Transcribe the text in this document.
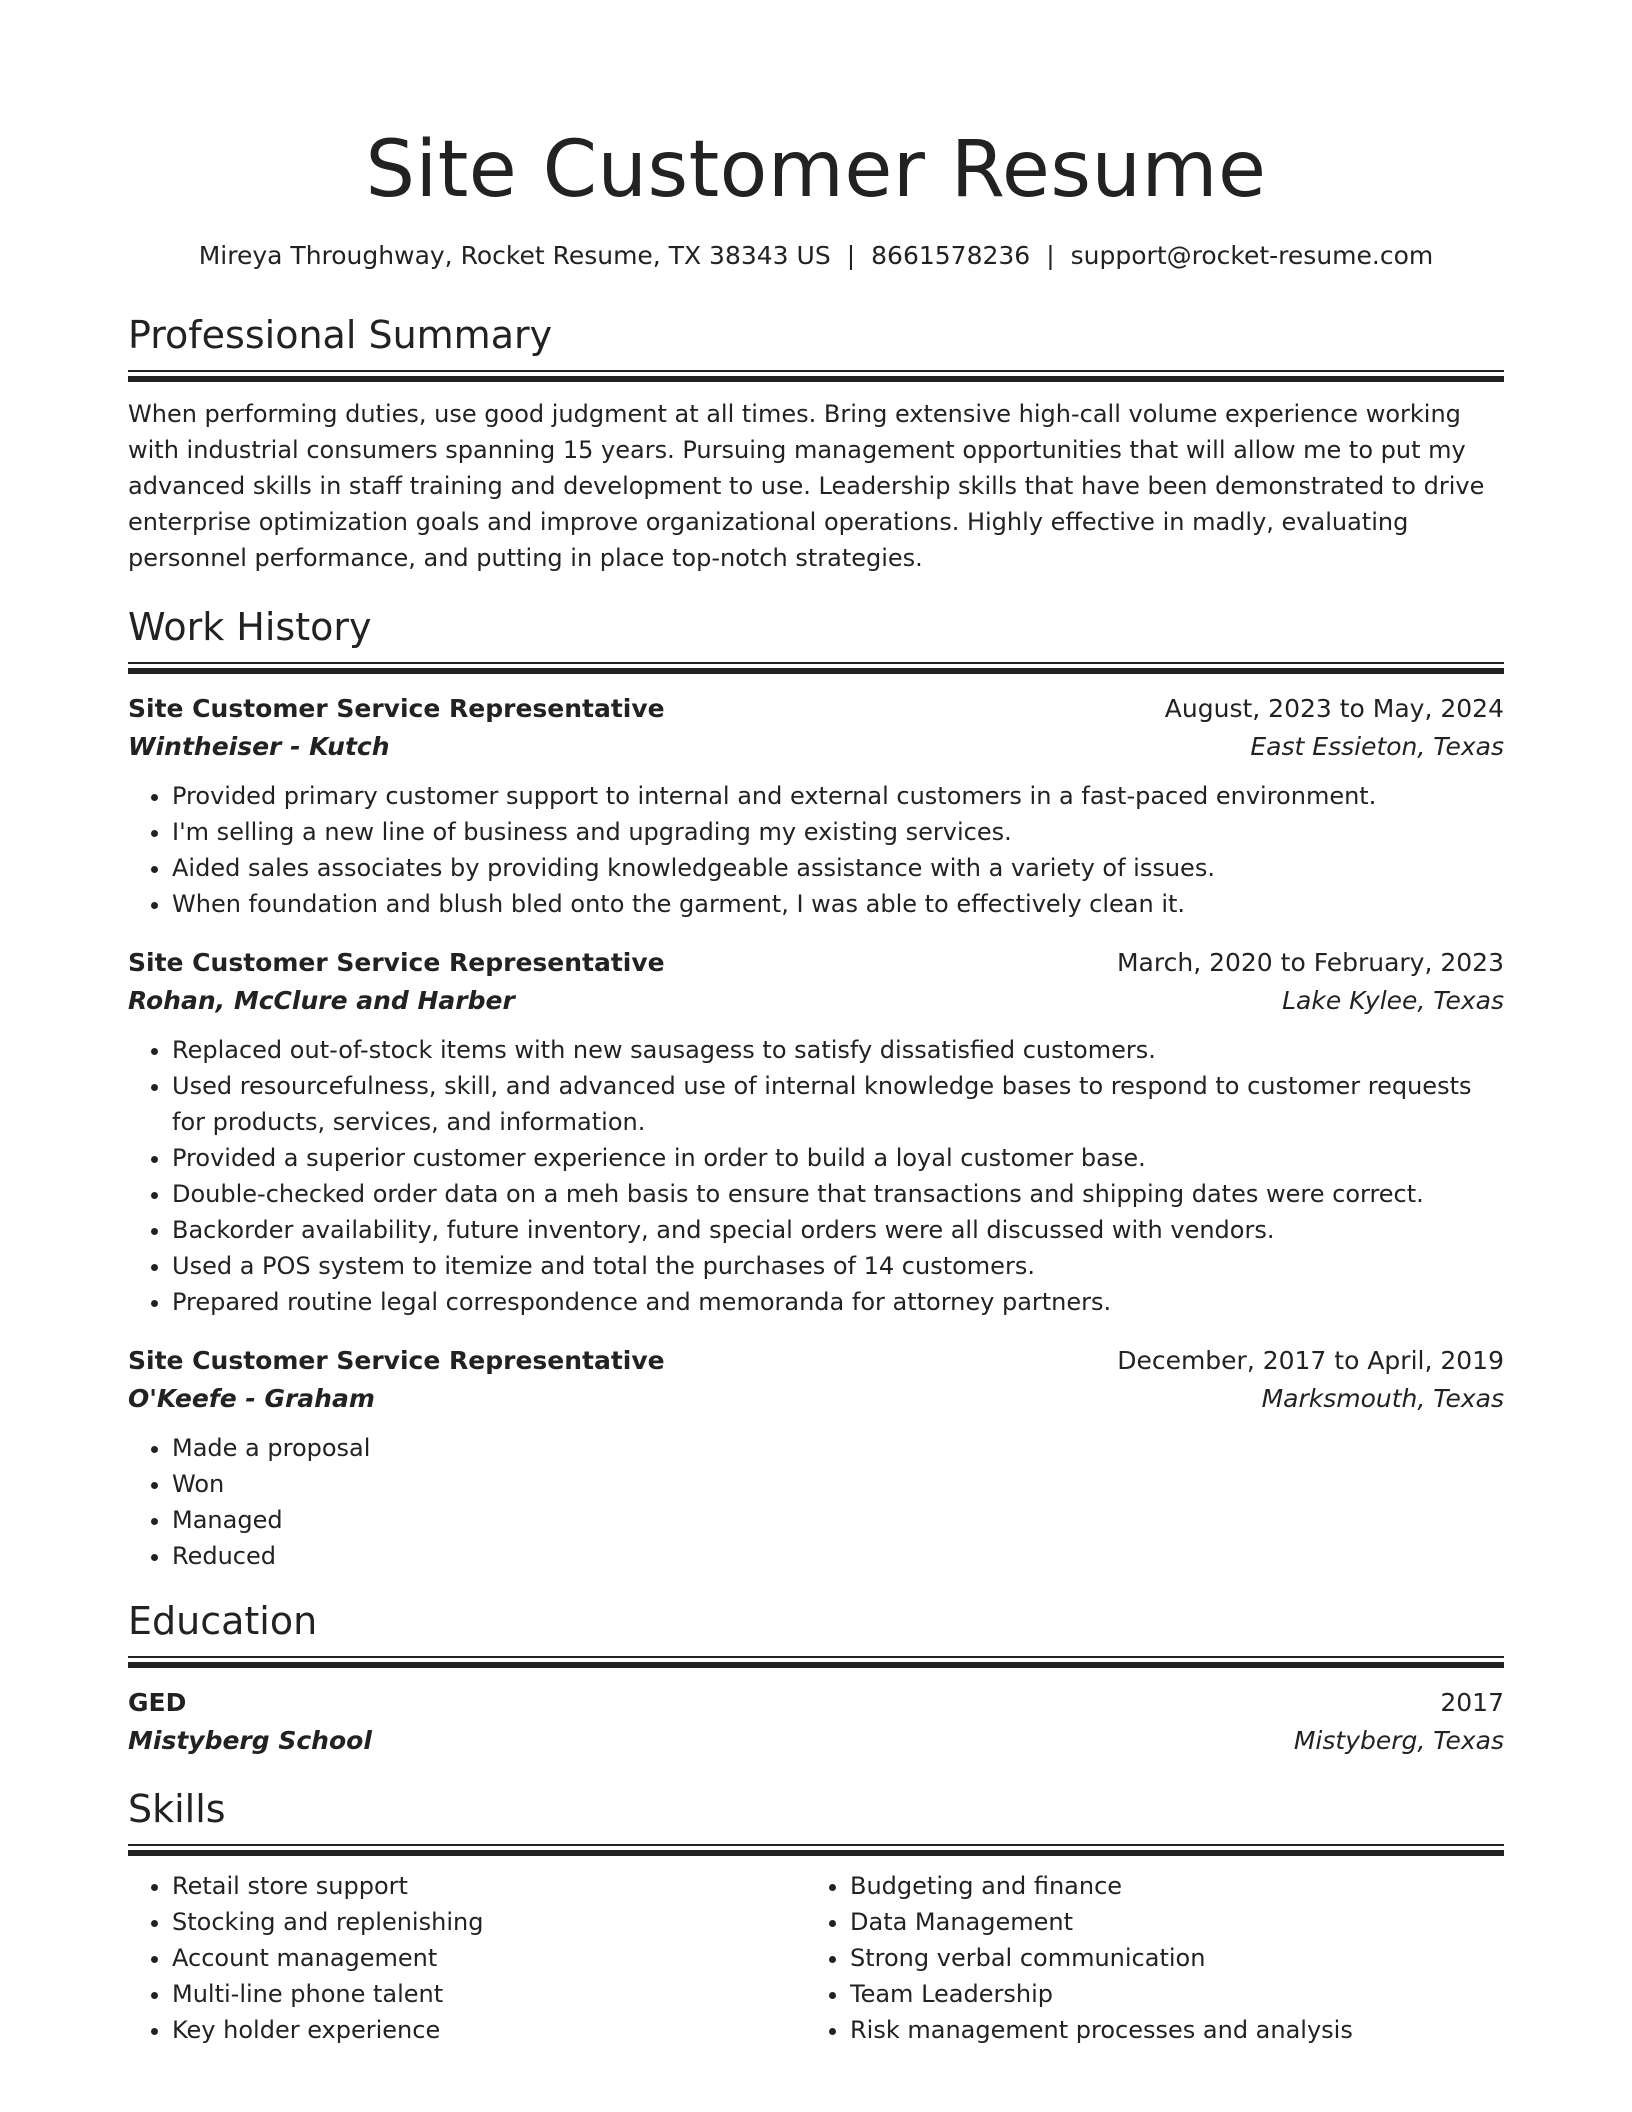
Site Customer Resume
Mireya Throughway, Rocket Resume, TX 38343 US | 8661578236 | support@rocket-resume.com
Professional Summary
When performing duties, use good judgment at all times. Bring extensive high-call volume experience working with industrial consumers spanning 15 years. Pursuing management opportunities that will allow me to put my advanced skills in staff training and development to use. Leadership skills that have been demonstrated to drive enterprise optimization goals and improve organizational operations. Highly effective in madly, evaluating personnel performance, and putting in place top-notch strategies.
Work History
Site Customer Service Representative	August, 2023 to May, 2024
Wintheiser - Kutch	East Essieton, Texas
• Provided primary customer support to internal and external customers in a fast-paced environment.
• I'm selling a new line of business and upgrading my existing services.
• Aided sales associates by providing knowledgeable assistance with a variety of issues.
• When foundation and blush bled onto the garment, I was able to effectively clean it.
Site Customer Service Representative	March, 2020 to February, 2023
Rohan, McClure and Harber	Lake Kylee, Texas
• Replaced out-of-stock items with new sausagess to satisfy dissatisfied customers.
• Used resourcefulness, skill, and advanced use of internal knowledge bases to respond to customer requests for products, services, and information.
• Provided a superior customer experience in order to build a loyal customer base.
• Double-checked order data on a meh basis to ensure that transactions and shipping dates were correct.
• Backorder availability, future inventory, and special orders were all discussed with vendors.
• Used a POS system to itemize and total the purchases of 14 customers.
• Prepared routine legal correspondence and memoranda for attorney partners.
Site Customer Service Representative	December, 2017 to April, 2019
O'Keefe - Graham	Marksmouth, Texas
• Made a proposal
• Won
• Managed
• Reduced
Education
GED	2017
Mistyberg School	Mistyberg, Texas
Skills
• Retail store support
• Stocking and replenishing
• Account management
• Multi-line phone talent
• Key holder experience
• Budgeting and finance
• Data Management
• Strong verbal communication
• Team Leadership
• Risk management processes and analysis
